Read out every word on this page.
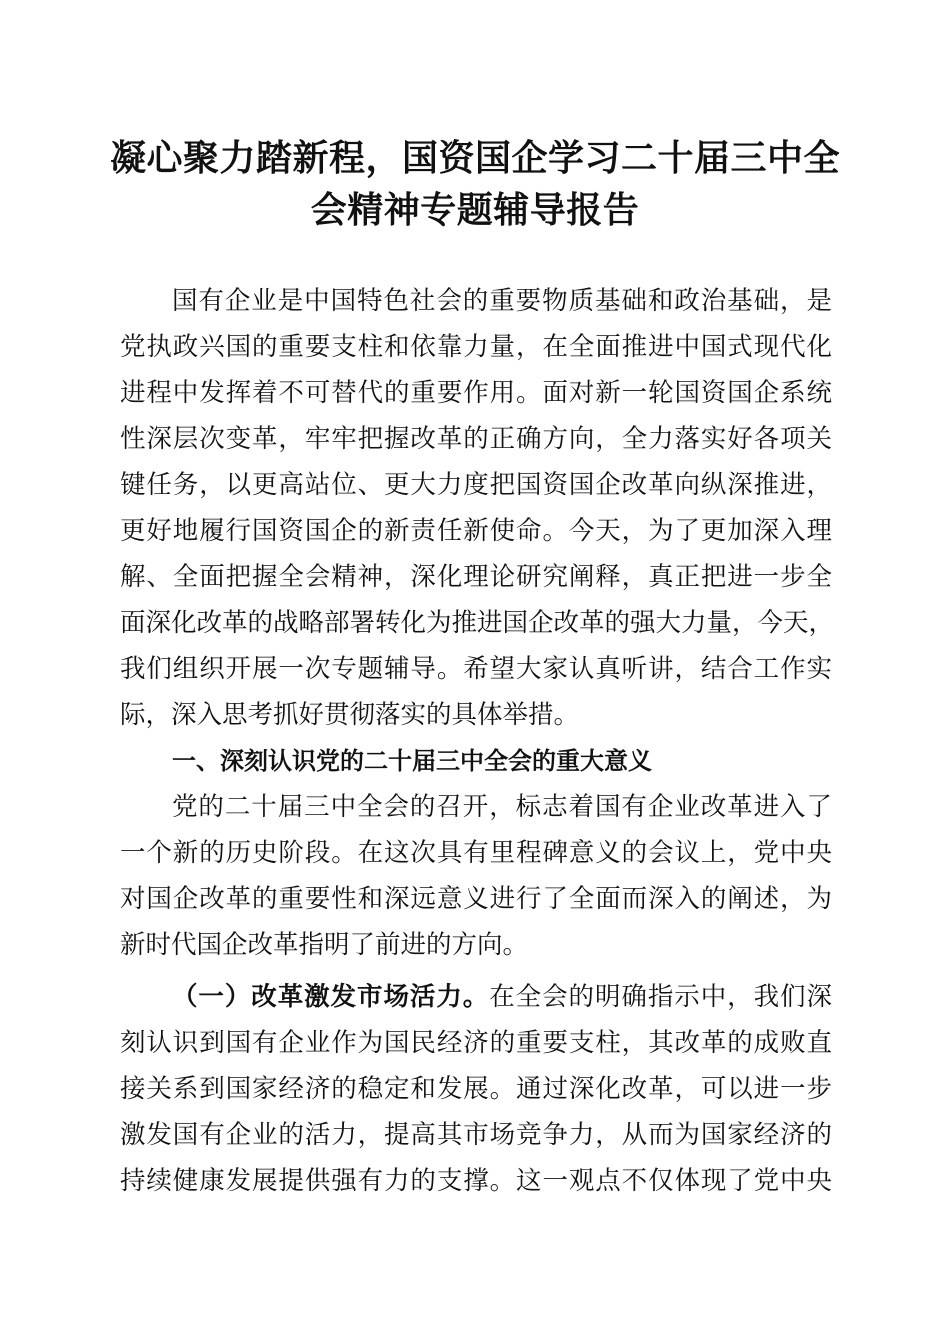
凝心聚力踏新程，国资国企学习二十届三中全
会精神专题辅导报告
国有企业是中国特色社会的重要物质基础和政治基础，是
党执政兴国的重要支柱和依靠力量，在全面推进中国式现代化
进程中发挥着不可替代的重要作用。面对新一轮国资国企系统
性深层次变革，牢牢把握改革的正确方向，全力落实好各项关
键任务，以更高站位、更大力度把国资国企改革向纵深推进，
更好地履行国资国企的新责任新使命。今天，为了更加深入理
解、全面把握全会精神，深化理论研究阐释，真正把进一步全
面深化改革的战略部署转化为推进国企改革的强大力量，今天，
我们组织开展一次专题辅导。希望大家认真听讲，结合工作实
际，深入思考抓好贯彻落实的具体举措。
一、深刻认识党的二十届三中全会的重大意义
党的二十届三中全会的召开，标志着国有企业改革进入了
一个新的历史阶段。在这次具有里程碑意义的会议上，党中央
对国企改革的重要性和深远意义进行了全面而深入的阐述，为
新时代国企改革指明了前进的方向。
（一）改革激发市场活力。在全会的明确指示中，我们深
刻认识到国有企业作为国民经济的重要支柱，其改革的成败直
接关系到国家经济的稳定和发展。通过深化改革，可以进一步
激发国有企业的活力，提高其市场竞争力，从而为国家经济的
持续健康发展提供强有力的支撑。这一观点不仅体现了党中央
